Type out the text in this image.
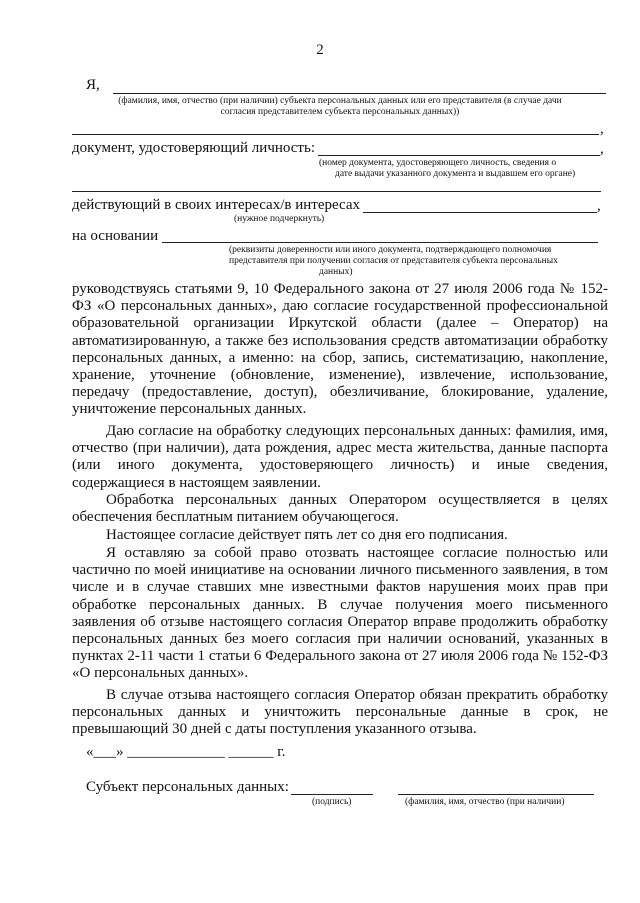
2
Я,
(фамилия, имя, отчество (при наличии) субъекта персональных данных или его представителя (в случае дачи
согласия представителем субъекта персональных данных))
,
документ, удостоверяющий личность:	,
(номер документа, удостоверяющего личность, сведения о
дате выдачи указанного документа и выдавшем его органе)
действующий в своих интересах/в интересах	,
(нужное подчеркнуть)
на основании
(реквизиты доверенности или иного документа, подтверждающего полномочия
представителя при получении согласия от представителя субъекта персональных
данных)
руководствуясь статьями 9, 10 Федерального закона от 27 июля 2006 года № 152-ФЗ «О персональных данных», даю согласие государственной профессиональной образовательной организации Иркутской области (далее – Оператор) на автоматизированную, а также без использования средств автоматизации обработку персональных данных, а именно: на сбор, запись, систематизацию, накопление, хранение, уточнение (обновление, изменение), извлечение, использование, передачу (предоставление, доступ), обезличивание, блокирование, удаление, уничтожение персональных данных.
Даю согласие на обработку следующих персональных данных: фамилия, имя, отчество (при наличии), дата рождения, адрес места жительства, данные паспорта (или иного документа, удостоверяющего личность) и иные сведения, содержащиеся в настоящем заявлении.
Обработка персональных данных Оператором осуществляется в целях обеспечения бесплатным питанием обучающегося.
Настоящее согласие действует пять лет со дня его подписания.
Я оставляю за собой право отозвать настоящее согласие полностью или частично по моей инициативе на основании личного письменного заявления, в том числе и в случае ставших мне известными фактов нарушения моих прав при обработке персональных данных. В случае получения моего письменного заявления об отзыве настоящего согласия Оператор вправе продолжить обработку персональных данных без моего согласия при наличии оснований, указанных в пунктах 2-11 части 1 статьи 6 Федерального закона от 27 июля 2006 года № 152-ФЗ «О персональных данных».
В случае отзыва настоящего согласия Оператор обязан прекратить обработку персональных данных и уничтожить персональные данные в срок, не превышающий 30 дней с даты поступления указанного отзыва.
«___» _____________ ______ г.
Субъект персональных данных:
(подпись)	(фамилия, имя, отчество (при наличии)
